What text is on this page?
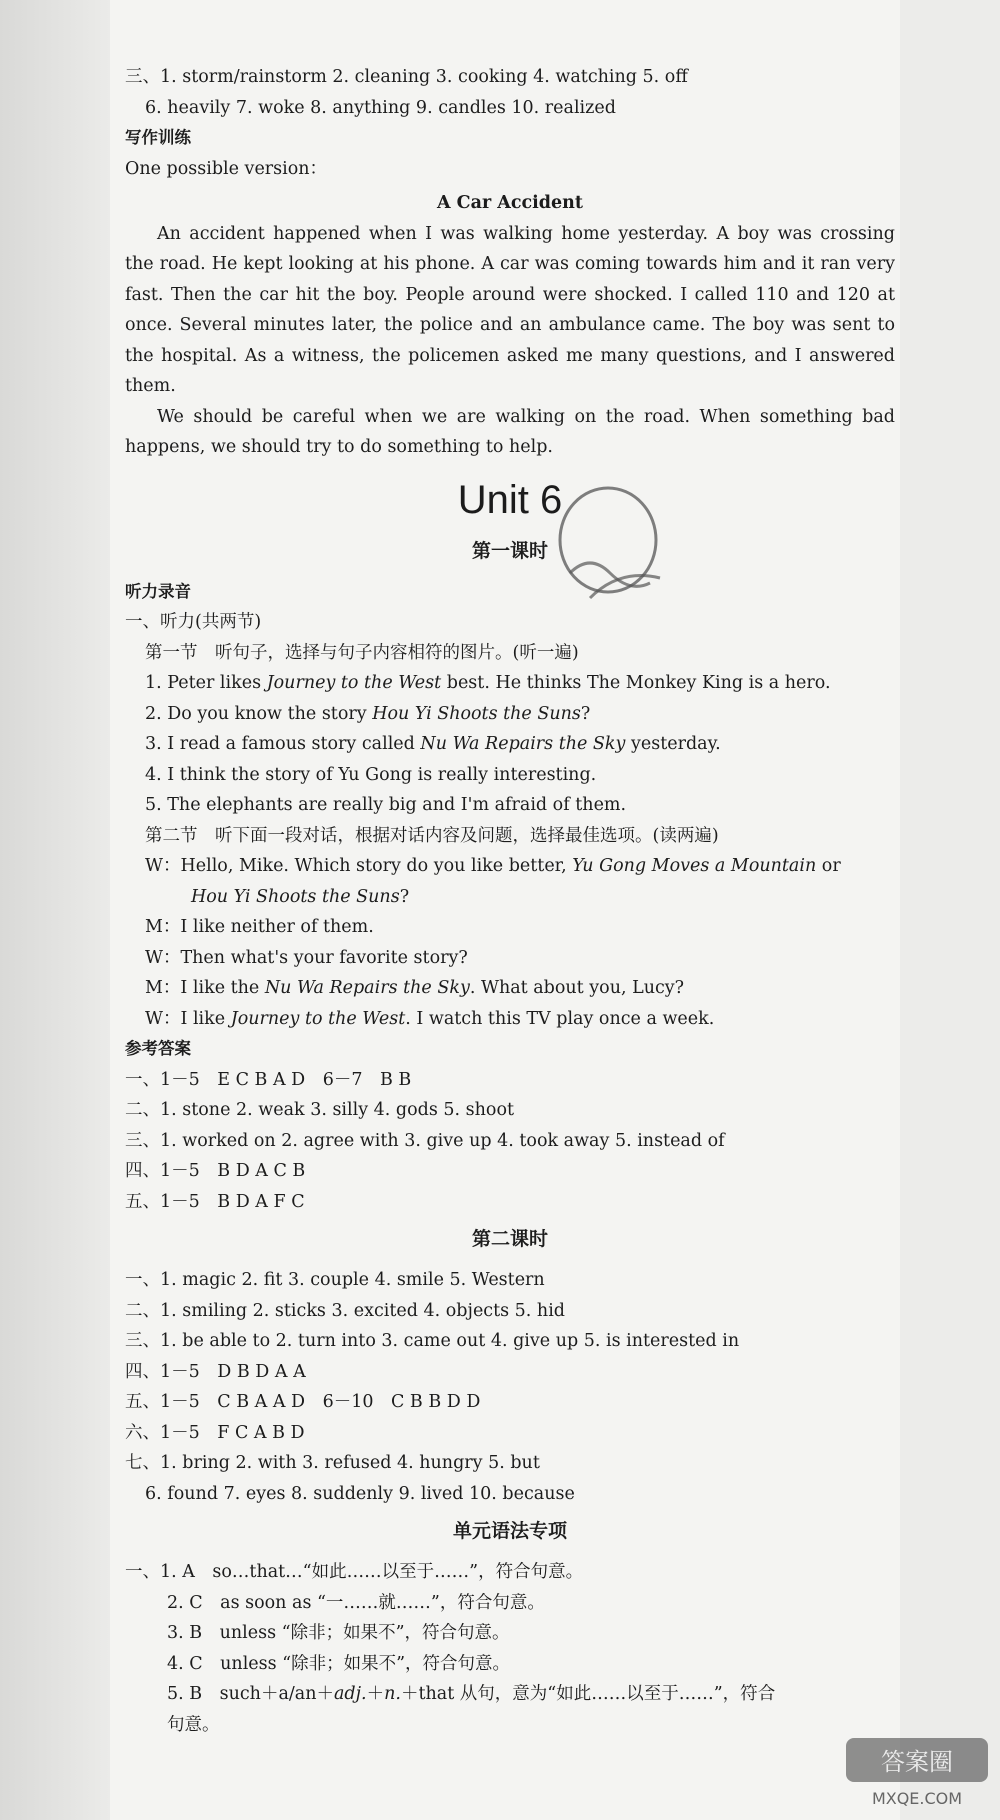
三、1. storm/rainstorm 2. cleaning 3. cooking 4. watching 5. off
6. heavily 7. woke 8. anything 9. candles 10. realized
写作训练
One possible version：
A Car Accident
An accident happened when I was walking home yesterday. A boy was crossing the road. He kept looking at his phone. A car was coming towards him and it ran very fast. Then the car hit the boy. People around were shocked. I called 110 and 120 at once. Several minutes later, the police and an ambulance came. The boy was sent to the hospital. As a witness, the policemen asked me many questions, and I answered them.
We should be careful when we are walking on the road. When something bad happens, we should try to do something to help.
Unit 6
第一课时
听力录音
一、听力(共两节)
第一节　听句子，选择与句子内容相符的图片。(听一遍)
1. Peter likes Journey to the West best. He thinks The Monkey King is a hero.
2. Do you know the story Hou Yi Shoots the Suns?
3. I read a famous story called Nu Wa Repairs the Sky yesterday.
4. I think the story of Yu Gong is really interesting.
5. The elephants are really big and I'm afraid of them.
第二节　听下面一段对话，根据对话内容及问题，选择最佳选项。(读两遍)
W：Hello, Mike. Which story do you like better, Yu Gong Moves a Mountain or
Hou Yi Shoots the Suns?
M：I like neither of them.
W：Then what's your favorite story?
M：I like the Nu Wa Repairs the Sky. What about you, Lucy?
W：I like Journey to the West. I watch this TV play once a week.
参考答案
一、1－5　E C B A D　6－7　B B
二、1. stone 2. weak 3. silly 4. gods 5. shoot
三、1. worked on 2. agree with 3. give up 4. took away 5. instead of
四、1－5　B D A C B
五、1－5　B D A F C
第二课时
一、1. magic 2. fit 3. couple 4. smile 5. Western
二、1. smiling 2. sticks 3. excited 4. objects 5. hid
三、1. be able to 2. turn into 3. came out 4. give up 5. is interested in
四、1－5　D B D A A
五、1－5　C B A A D　6－10　C B B D D
六、1－5　F C A B D
七、1. bring 2. with 3. refused 4. hungry 5. but
6. found 7. eyes 8. suddenly 9. lived 10. because
单元语法专项
一、1. A　so…that…“如此……以至于……”，符合句意。
2. C　as soon as “一……就……”，符合句意。
3. B　unless “除非；如果不”，符合句意。
4. C　unless “除非；如果不”，符合句意。
5. B　such＋a/an＋adj.＋n.＋that 从句，意为“如此……以至于……”，符合
句意。
答案圈
MXQE.COM
